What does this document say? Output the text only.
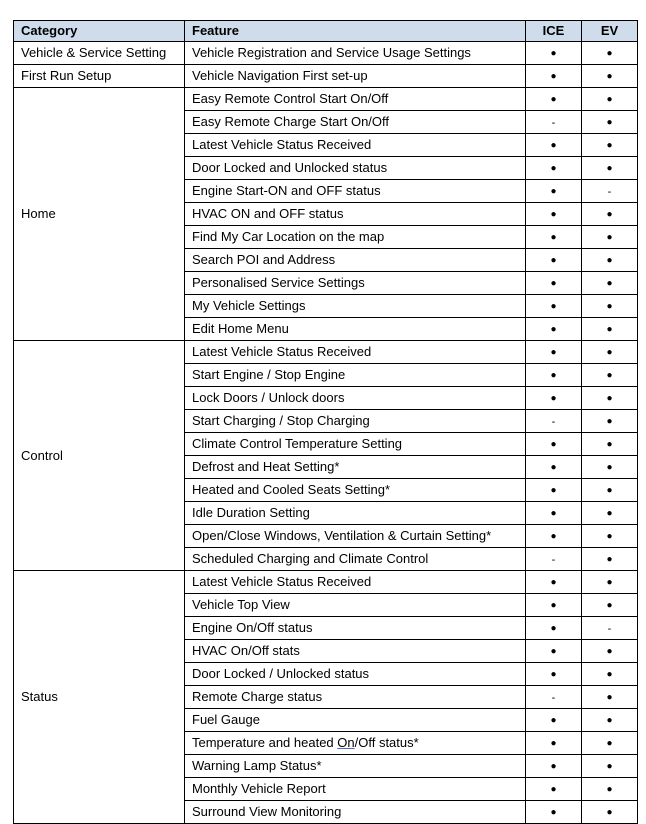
Category	Feature	ICE	EV
Vehicle & Service Setting	Vehicle Registration and Service Usage Settings	●	●
First Run Setup	Vehicle Navigation First set-up	●	●
Home	Easy Remote Control Start On/Off	●	●
	Easy Remote Charge Start On/Off	-	●
	Latest Vehicle Status Received	●	●
	Door Locked and Unlocked status	●	●
	Engine Start-ON and OFF status	●	-
	HVAC ON and OFF status	●	●
	Find My Car Location on the map	●	●
	Search POI and Address	●	●
	Personalised Service Settings	●	●
	My Vehicle Settings	●	●
	Edit Home Menu	●	●
Control	Latest Vehicle Status Received	●	●
	Start Engine / Stop Engine	●	●
	Lock Doors / Unlock doors	●	●
	Start Charging / Stop Charging	-	●
	Climate Control Temperature Setting	●	●
	Defrost and Heat Setting*	●	●
	Heated and Cooled Seats Setting*	●	●
	Idle Duration Setting	●	●
	Open/Close Windows, Ventilation & Curtain Setting*	●	●
	Scheduled Charging and Climate Control	-	●
Status	Latest Vehicle Status Received	●	●
	Vehicle Top View	●	●
	Engine On/Off status	●	-
	HVAC On/Off stats	●	●
	Door Locked / Unlocked status	●	●
	Remote Charge status	-	●
	Fuel Gauge	●	●
	Temperature and heated On/Off status*	●	●
	Warning Lamp Status*	●	●
	Monthly Vehicle Report	●	●
	Surround View Monitoring	●	●
